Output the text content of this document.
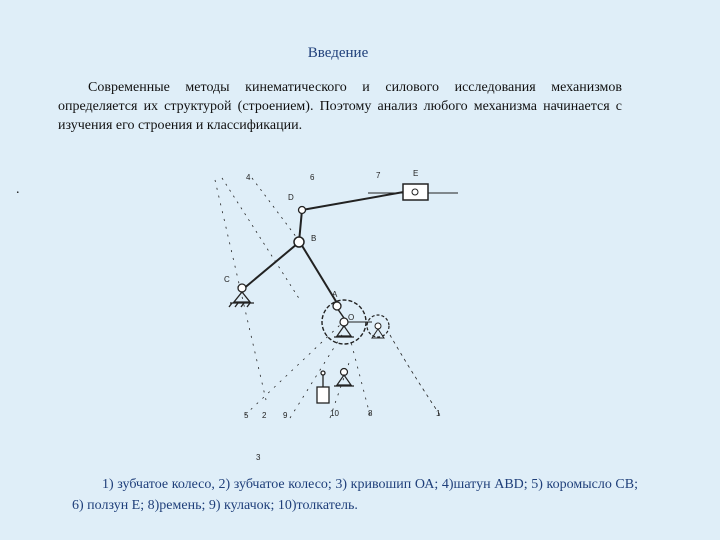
Введение
Современные методы кинематического и силового исследования механизмов определяется их структурой (строением). Поэтому анализ любого механизма начинается с изучения его строения и классификации.
.
4	6	7	E
D
B
C
A
O
5 2 9	10	8	1
3
1) зубчатое колесо, 2) зубчатое колесо; 3) кривошип ОА; 4)шатун ABD; 5) коромысло СВ; 6) ползун Е; 8)ремень; 9) кулачок; 10)толкатель.
